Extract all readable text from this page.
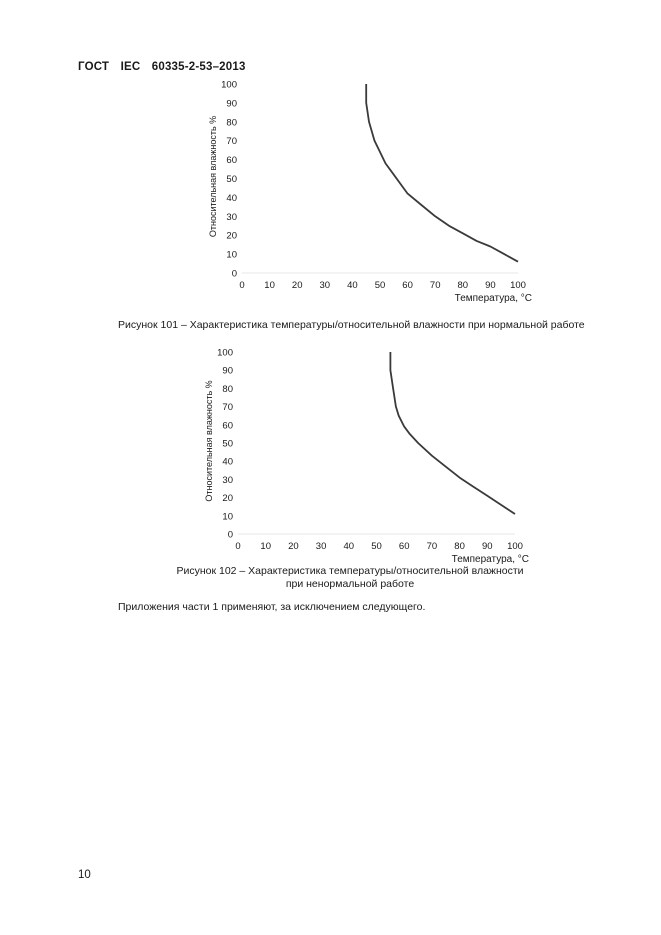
ГОСТ IEC 60335-2-53–2013
0
10
20
30
40
50
60
70
80
90
100
0 10 20 30 40 50 60 70 80 90 100
Относительная влажность %
Температура, °С
Рисунок 101 – Характеристика температуры/относительной влажности при нормальной работе
0
10
20
30
40
50
60
70
80
90
100
0 10 20 30 40 50 60 70 80 90 100
Относительная влажность %
Температура, °С
Рисунок 102 – Характеристика температуры/относительной влажности
при ненормальной работе
Приложения части 1 применяют, за исключением следующего.
10
